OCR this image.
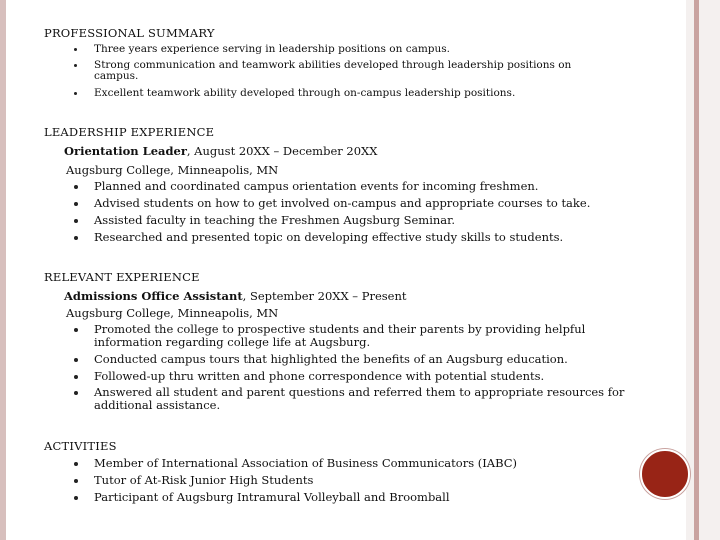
PROFESSIONAL SUMMARY
Three years experience serving in leadership positions on campus.
Strong communication and teamwork abilities developed through leadership positions on campus.
Excellent teamwork ability developed through on-campus leadership positions.
LEADERSHIP EXPERIENCE
Orientation Leader, August 20XX – December 20XX
Augsburg College, Minneapolis, MN
Planned and coordinated campus orientation events for incoming freshmen.
Advised students on how to get involved on-campus and appropriate courses to take.
Assisted faculty in teaching the Freshmen Augsburg Seminar.
Researched and presented topic on developing effective study skills to students.
RELEVANT EXPERIENCE
Admissions Office Assistant, September 20XX – Present
Augsburg College, Minneapolis, MN
Promoted the college to prospective students and their parents by providing helpful information regarding college life at Augsburg.
Conducted campus tours that highlighted the benefits of an Augsburg education.
Followed-up thru written and phone correspondence with potential students.
Answered all student and parent questions and referred them to appropriate resources for additional assistance.
ACTIVITIES
Member of International Association of Business Communicators (IABC)
Tutor of At-Risk Junior High Students
Participant of Augsburg Intramural Volleyball and Broomball
